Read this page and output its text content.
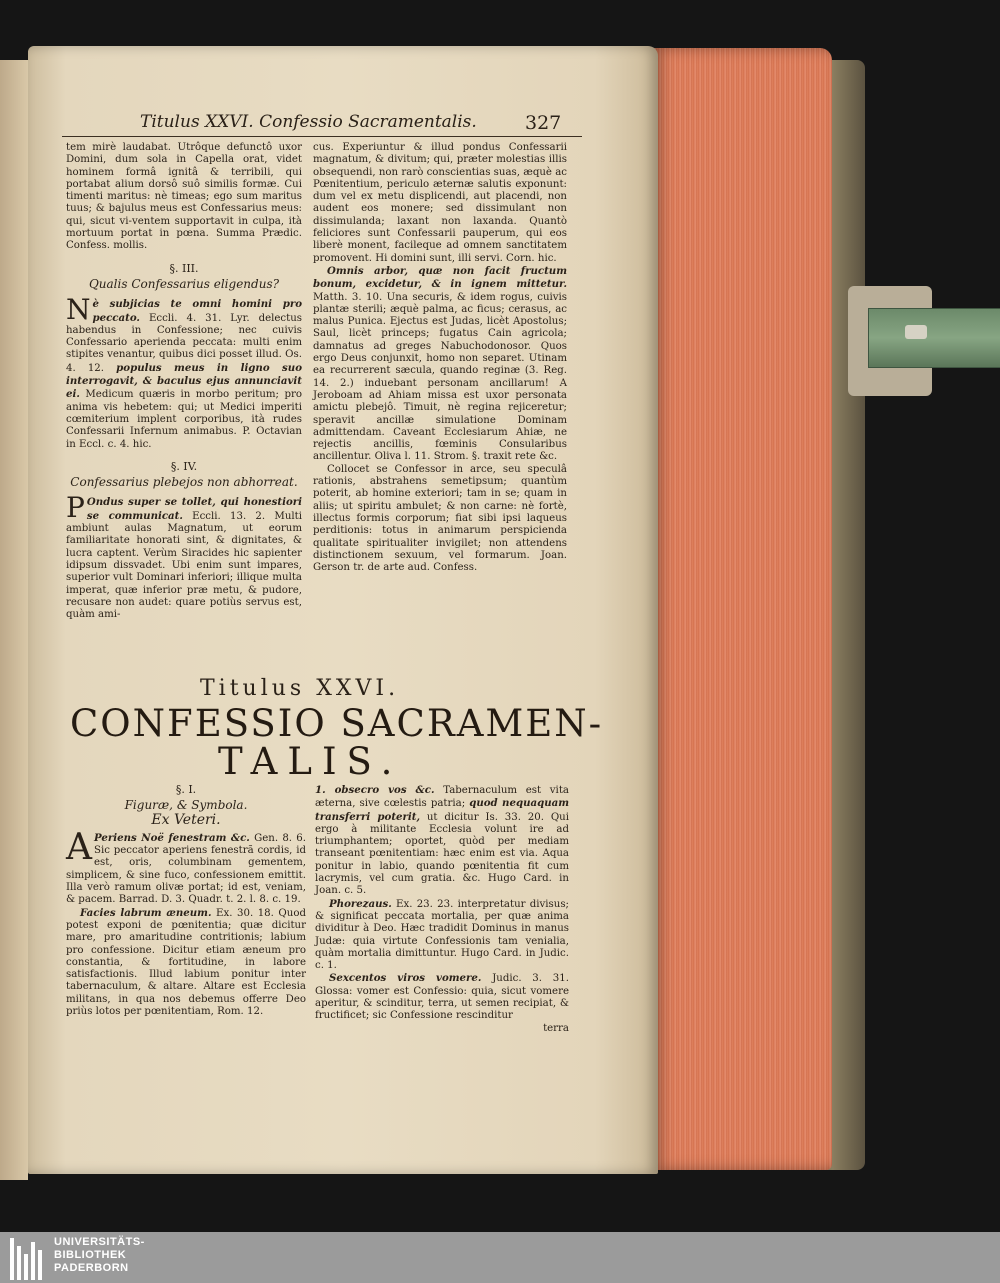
Titulus XXVI. Confessio Sacramentalis.	327

tem mirè laudabat. Utrôque defunctô uxor Domini, dum sola in Capella orat, videt hominem formâ ignitâ & terribili, qui portabat alium dorsô suô similis formæ. Cui timenti maritus: nè timeas; ego sum maritus tuus; & bajulus meus est Confessarius meus: qui, sicut vi-ventem supportavit in culpa, ità mortuum portat in pœna. Summa Prædic. Confess. mollis.

§. III.
Qualis Confessarius eligendus?

Nè subjicias te omni homini pro peccato. Eccli. 4. 31. Lyr. delectus habendus in Confessione; nec cuivis Confessario aperienda peccata: multi enim stipites venantur, quibus dici posset illud. Os. 4. 12. populus meus in ligno suo interrogavit, & baculus ejus annunciavit ei. Medicum quæris in morbo peritum; pro anima vis hebetem: qui; ut Medici imperiti cœmiterium implent corporibus, ità rudes Confessarii Infernum animabus. P. Octavian in Eccl. c. 4. hic.

§. IV.
Confessarius plebejos non abhorreat.

P Ondus super se tollet, qui honestiori se communicat. Eccli. 13. 2. Multi ambiunt aulas Magnatum, ut eorum familiaritate honorati sint, & dignitates, & lucra captent. Verùm Siracides hic sapienter idipsum dissvadet. Ubi enim sunt impares, superior vult Dominari inferiori; illique multa imperat, quæ inferior præ metu, & pudore, recusare non audet: quare potiùs servus est, quàm ami-

cus. Experiuntur & illud pondus Confessarii magnatum, & divitum; qui, præter molestias illis obsequendi, non rarò conscientias suas, æquè ac Pœnitentium, periculo æternæ salutis exponunt: dum vel ex metu displicendi, aut placendi, non audent eos monere; sed dissimulant non dissimulanda; laxant non laxanda. Quantò feliciores sunt Confessarii pauperum, qui eos liberè monent, facileque ad omnem sanctitatem promovent. Hi domini sunt, illi servi. Corn. hic.

Omnis arbor, quæ non facit fructum bonum, excidetur, & in ignem mittetur. Matth. 3. 10. Una securis, & idem rogus, cuivis plantæ sterili; æquè palma, ac ficus; cerasus, ac malus Punica. Ejectus est Judas, licèt Apostolus; Saul, licèt princeps; fugatus Cain agricola; damnatus ad greges Nabuchodonosor. Quos ergo Deus conjunxit, homo non separet. Utinam ea recurrerent sæcula, quando reginæ (3. Reg. 14. 2.) induebant personam ancillarum! A Jeroboam ad Ahiam missa est uxor personata amictu plebejô. Timuit, nè regina rejiceretur; speravit ancillæ simulatione Dominam admittendam. Caveant Ecclesiarum Ahiæ, ne rejectis ancillis, fœminis Consularibus ancillentur. Oliva l. 11. Strom. §. traxit rete &c.

Collocet se Confessor in arce, seu speculâ rationis, abstrahens semetipsum; quantùm poterit, ab homine exteriori; tam in se; quam in aliis; ut spiritu ambulet; & non carne: nè fortè, illectus formis corporum; fiat sibi ipsi laqueus perditionis: totus in animarum perspicienda qualitate spiritualiter invigilet; non attendens distinctionem sexuum, vel formarum. Joan. Gerson tr. de arte aud. Confess.

Titulus XXVI.
CONFESSIO SACRAMEN-
TALIS.
§. I.
Figuræ, & Symbola.
Ex Veteri.

A Periens Noë fenestram &c. Gen. 8. 6. Sic peccator aperiens fenestrã cordis, id est, oris, columbinam gementem, simplicem, & sine fuco, confessionem emittit. Illa verò ramum olivæ portat; id est, veniam, & pacem. Barrad. D. 3. Quadr. t. 2. l. 8. c. 19.

Facies labrum æneum. Ex. 30. 18. Quod potest exponi de pœnitentia; quæ dicitur mare, pro amaritudine contritionis; labium pro confessione. Dicitur etiam æneum pro constantia, & fortitudine, in labore satisfactionis. Illud labium ponitur inter tabernaculum, & altare. Altare est Ecclesia militans, in qua nos debemus offerre Deo priùs lotos per pœnitentiam, Rom. 12.

1. obsecro vos &c. Tabernaculum est vita æterna, sive cœlestis patria; quod nequaquam transferri poterit, ut dicitur Is. 33. 20. Qui ergo à militante Ecclesia volunt ire ad triumphantem; oportet, quòd per mediam transeant pœnitentiam: hæc enim est via. Aqua ponitur in labio, quando pœnitentia fit cum lacrymis, vel cum gratia. &c. Hugo Card. in Joan. c. 5.

Phorezaus. Ex. 23. 23. interpretatur divisus; & significat peccata mortalia, per quæ anima dividitur à Deo. Hæc tradidit Dominus in manus Judæ: quia virtute Confessionis tam venialia, quàm mortalia dimittuntur. Hugo Card. in Judic. c. 1.

Sexcentos viros vomere. Judic. 3. 31. Glossa: vomer est Confessio: quia, sicut vomere aperitur, & scinditur, terra, ut semen recipiat, & fructificet; sic Confessione rescinditur

terra

UNIVERSITÄTS-
BIBLIOTHEK
PADERBORN
